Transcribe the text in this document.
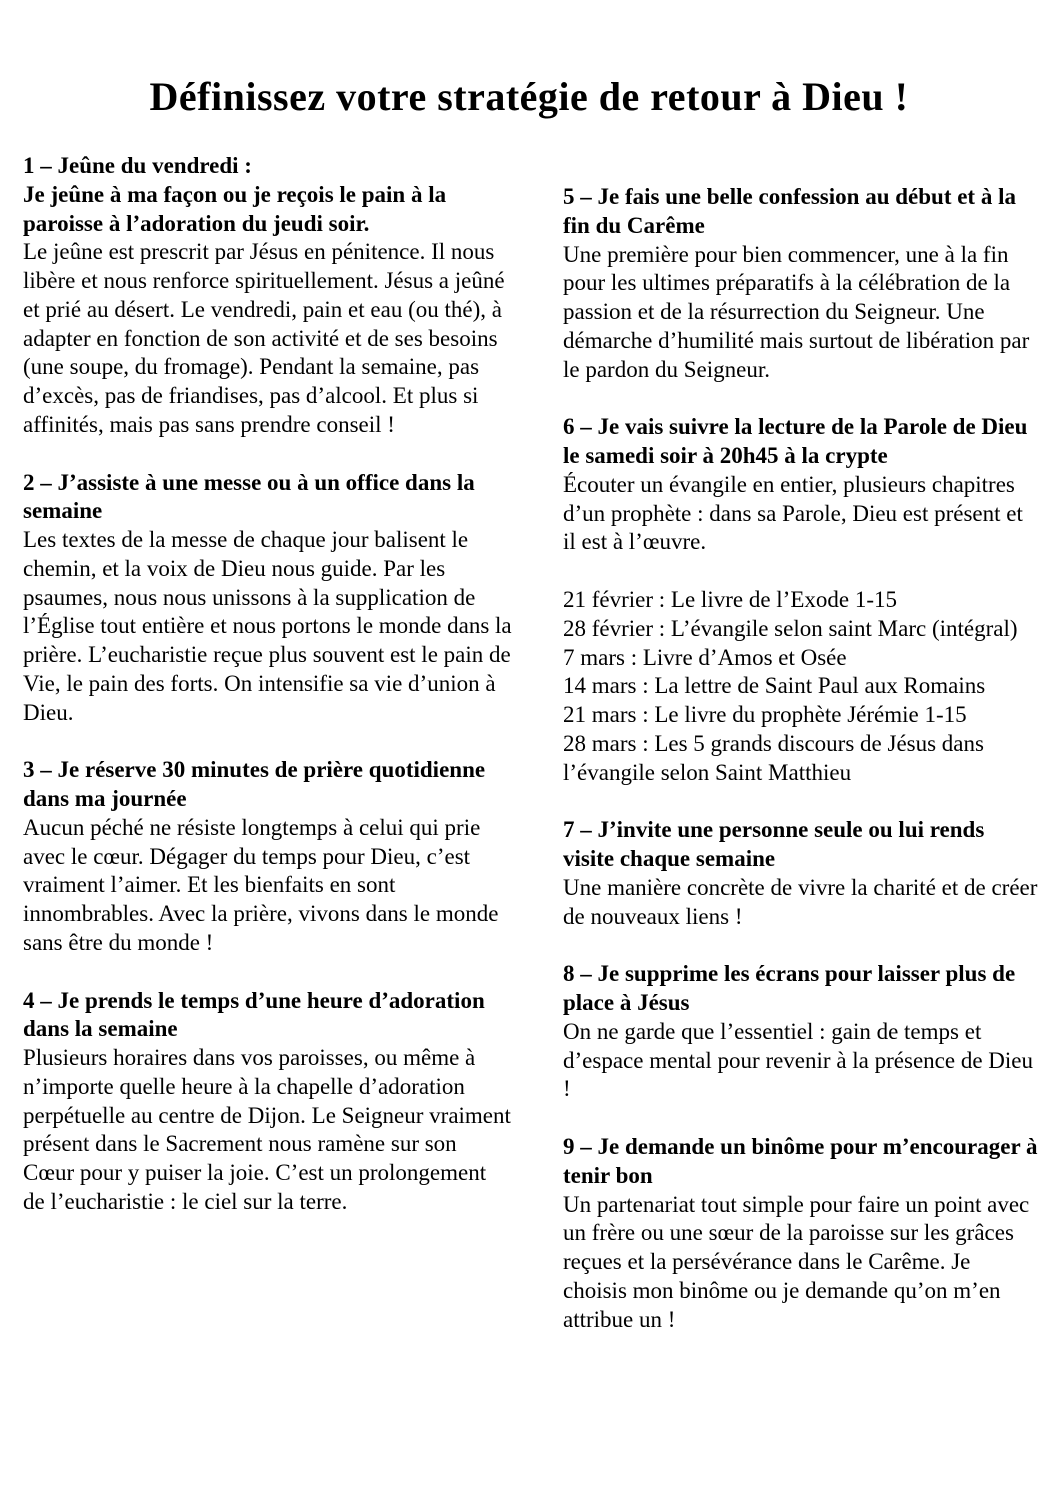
Définissez votre stratégie de retour à Dieu !
1 – Jeûne du vendredi :
Je jeûne à ma façon ou je reçois le pain à la paroisse à l’adoration du jeudi soir.
Le jeûne est prescrit par Jésus en pénitence. Il nous libère et nous renforce spirituellement. Jésus a jeûné et prié au désert. Le vendredi, pain et eau (ou thé), à adapter en fonction de son activité et de ses besoins (une soupe, du fromage). Pendant la semaine, pas d’excès, pas de friandises, pas d’alcool. Et plus si affinités, mais pas sans prendre conseil !
2 – J’assiste à une messe ou à un office dans la semaine
Les textes de la messe de chaque jour balisent le chemin, et la voix de Dieu nous guide. Par les psaumes, nous nous unissons à la supplication de l’Église tout entière et nous portons le monde dans la prière. L’eucharistie reçue plus souvent est le pain de Vie, le pain des forts. On intensifie sa vie d’union à Dieu.
3 – Je réserve 30 minutes de prière quotidienne dans ma journée
Aucun péché ne résiste longtemps à celui qui prie avec le cœur. Dégager du temps pour Dieu, c’est vraiment l’aimer. Et les bienfaits en sont innombrables. Avec la prière, vivons dans le monde sans être du monde !
4 – Je prends le temps d’une heure d’adoration dans la semaine
Plusieurs horaires dans vos paroisses, ou même à n’importe quelle heure à la chapelle d’adoration perpétuelle au centre de Dijon. Le Seigneur vraiment présent dans le Sacrement nous ramène sur son Cœur pour y puiser la joie. C’est un prolongement de l’eucharistie : le ciel sur la terre.
5 – Je fais une belle confession au début et à la fin du Carême
Une première pour bien commencer, une à la fin pour les ultimes préparatifs à la célébration de la passion et de la résurrection du Seigneur. Une démarche d’humilité mais surtout de libération par le pardon du Seigneur.
6 – Je vais suivre la lecture de la Parole de Dieu le samedi soir à 20h45 à la crypte
Écouter un évangile en entier, plusieurs chapitres d’un prophète : dans sa Parole, Dieu est présent et il est à l’œuvre.
21 février : Le livre de l’Exode 1-15
28 février : L’évangile selon saint Marc (intégral)
7 mars : Livre d’Amos et Osée
14 mars : La lettre de Saint Paul aux Romains
21 mars : Le livre du prophète Jérémie 1-15
28 mars : Les 5 grands discours de Jésus dans l’évangile selon Saint Matthieu
7 – J’invite une personne seule ou lui rends visite chaque semaine
Une manière concrète de vivre la charité et de créer de nouveaux liens !
8 – Je supprime les écrans pour laisser plus de place à Jésus
On ne garde que l’essentiel : gain de temps et d’espace mental pour revenir à la présence de Dieu !
9 – Je demande un binôme pour m’encourager à tenir bon
Un partenariat tout simple pour faire un point avec un frère ou une sœur de la paroisse sur les grâces reçues et la persévérance dans le Carême. Je choisis mon binôme ou je demande qu’on m’en attribue un !
